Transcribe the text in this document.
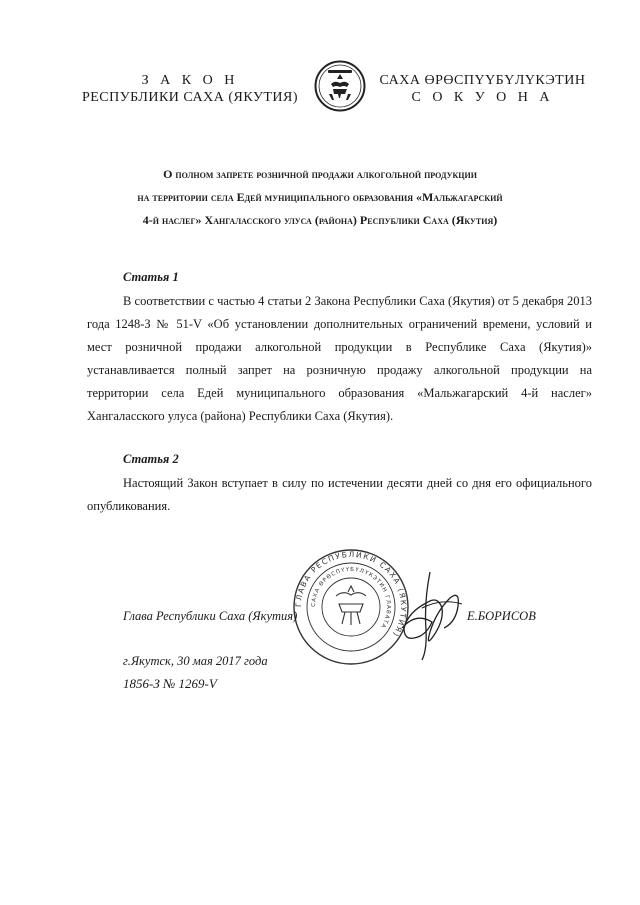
З А К О Н
РЕСПУБЛИКИ САХА (ЯКУТИЯ)
САХА ӨРӨСПҮҮБҮЛҮКЭТИН
С О К У О Н А
О полном запрете розничной продажи алкогольной продукции
на территории села Едей муниципального образования «Мальжагарский
4-й наслег» Хангаласского улуса (района) Республики Саха (Якутия)
Статья 1
В соответствии с частью 4 статьи 2 Закона Республики Саха (Якутия) от 5 декабря 2013 года 1248-З № 51-V «Об установлении дополнительных ограничений времени, условий и мест розничной продажи алкогольной продукции в Республике Саха (Якутия)» устанавливается полный запрет на розничную продажу алкогольной продукции на территории села Едей муниципального образования «Мальжагарский 4-й наслег» Хангаласского улуса (района) Республики Саха (Якутия).
Статья 2
Настоящий Закон вступает в силу по истечении десяти дней со дня его официального опубликования.
ГЛАВА РЕСПУБЛИКИ САХА (ЯКУТИЯ)
САХА ӨРӨСПҮҮБҮЛҮКЭТИН ГЛАВАТА
Глава Республики Саха (Якутия)	Е.БОРИСОВ
г.Якутск, 30 мая 2017 года
1856-З № 1269-V
